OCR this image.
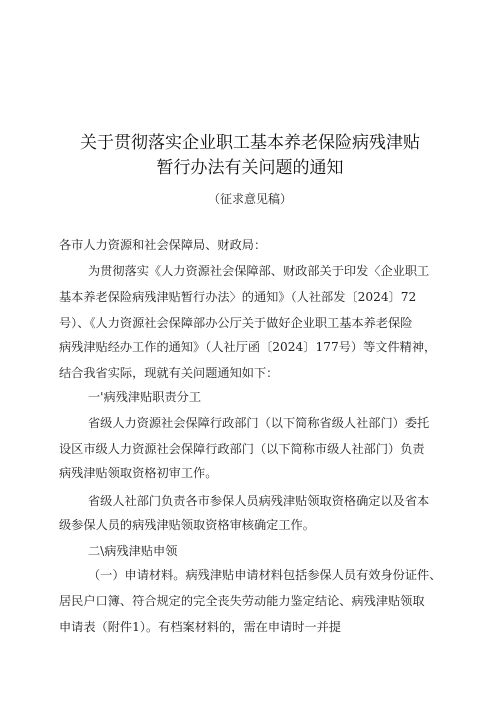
关于贯彻落实企业职工基本养老保险病残津贴
暂行办法有关问题的通知
（征求意见稿）
各市人力资源和社会保障局、财政局：
为贯彻落实《人力资源社会保障部、财政部关于印发〈企业职工
基本养老保险病残津贴暂行办法〉的通知》（人社部发〔2024〕72
号）、《人力资源社会保障部办公厅关于做好企业职工基本养老保险
病残津贴经办工作的通知》（人社厅函〔2024〕177号）等文件精神，
结合我省实际，现就有关问题通知如下：
一'病残津贴职责分工
省级人力资源社会保障行政部门（以下简称省级人社部门）委托
设区市级人力资源社会保障行政部门（以下简称市级人社部门）负责
病残津贴领取资格初审工作。
省级人社部门负责各市参保人员病残津贴领取资格确定以及省本
级参保人员的病残津贴领取资格审核确定工作。
二\病残津贴申领
（一）申请材料。病残津贴申请材料包括参保人员有效身份证件、
居民户口簿、符合规定的完全丧失劳动能力鉴定结论、病残津贴领取
申请表（附件1）。有档案材料的，需在申请时一并提
